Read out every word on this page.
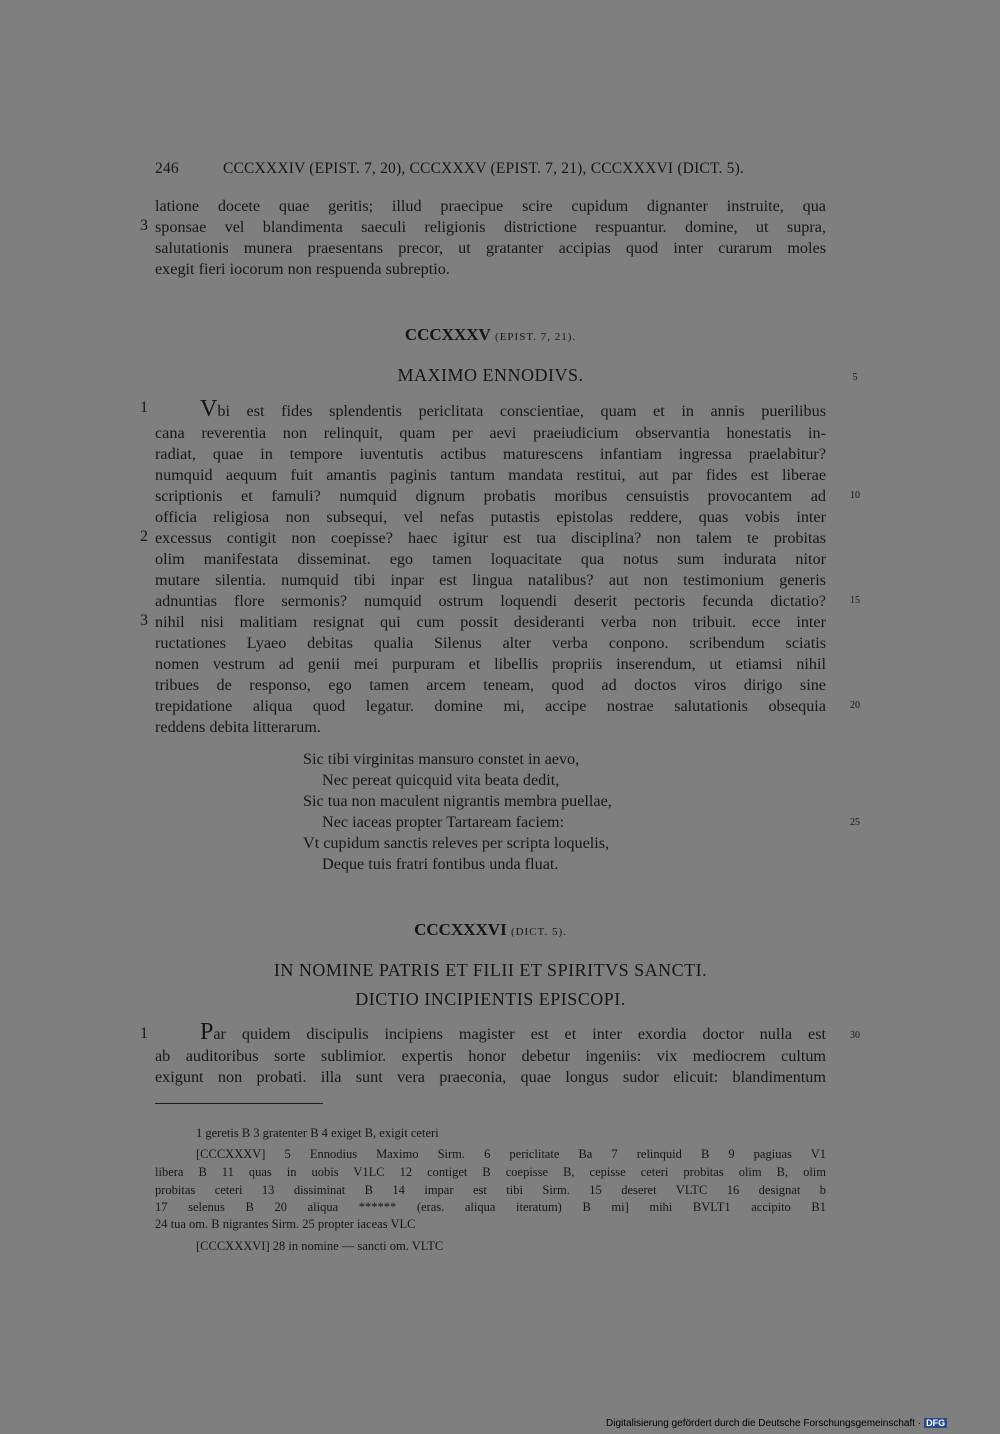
246	CCCXXXIV (EPIST. 7, 20), CCCXXXV (EPIST. 7, 21), CCCXXXVI (DICT. 5).
latione docete quae geritis; illud praecipue scire cupidum dignanter instruite, qua
3 sponsae vel blandimenta saeculi religionis districtione respuantur. domine, ut supra,
salutationis munera praesentans precor, ut gratanter accipias quod inter curarum moles
exegit fieri iocorum non respuenda subreptio.
CCCXXXV (EPIST. 7, 21).
MAXIMO ENNODIVS.	5
1 Vbi est fides splendentis periclitata conscientiae, quam et in annis puerilibus
cana reverentia non relinquit, quam per aevi praeiudicium observantia honestatis in-
radiat, quae in tempore iuventutis actibus maturescens infantiam ingressa praelabitur?
numquid aequum fuit amantis paginis tantum mandata restitui, aut par fides est liberae
scriptionis et famuli? numquid dignum probatis moribus censuistis provocantem ad	10
officia religiosa non subsequi, vel nefas putastis epistolas reddere, quas vobis inter
2 excessus contigit non coepisse? haec igitur est tua disciplina? non talem te probitas
olim manifestata disseminat. ego tamen loquacitate qua notus sum indurata nitor
mutare silentia. numquid tibi inpar est lingua natalibus? aut non testimonium generis
adnuntias flore sermonis? numquid ostrum loquendi deserit pectoris fecunda dictatio?	15
3 nihil nisi malitiam resignat qui cum possit desideranti verba non tribuit. ecce inter
ructationes Lyaeo debitas qualia Silenus alter verba conpono. scribendum sciatis
nomen vestrum ad genii mei purpuram et libellis propriis inserendum, ut etiamsi nihil
tribues de responso, ego tamen arcem teneam, quod ad doctos viros dirigo sine
trepidatione aliqua quod legatur. domine mi, accipe nostrae salutationis obsequia	20
reddens debita litterarum.
Sic tibi virginitas mansuro constet in aevo,
Nec pereat quicquid vita beata dedit,
Sic tua non maculent nigrantis membra puellae,
Nec iaceas propter Tartaream faciem:	25
Vt cupidum sanctis releves per scripta loquelis,
Deque tuis fratri fontibus unda fluat.
CCCXXXVI (DICT. 5).
IN NOMINE PATRIS ET FILII ET SPIRITVS SANCTI.
DICTIO INCIPIENTIS EPISCOPI.
1 Par quidem discipulis incipiens magister est et inter exordia doctor nulla est	30
ab auditoribus sorte sublimior. expertis honor debetur ingeniis: vix mediocrem cultum
exigunt non probati. illa sunt vera praeconia, quae longus sudor elicuit: blandimentum
1 geretis B 3 gratenter B 4 exiget B, exigit ceteri
[CCCXXXV] 5 Ennodius Maximo Sirm. 6 periclitate Ba 7 relinquid B 9 pagiuas V1
libera B 11 quas in uobis V1LC 12 contiget B coepisse B, cepisse ceteri probitas olim B, olim
probitas ceteri 13 dissiminat B 14 impar est tibi Sirm. 15 deseret VLTC 16 designat b
17 selenus B 20 aliqua ****** (eras. aliqua iteratum) B mi] mihi BVLT1 accipito B1
24 tua om. B nigrantes Sirm. 25 propter iaceas VLC
[CCCXXXVI] 28 in nomine — sancti om. VLTC
Digitalisierung gefördert durch die Deutsche Forschungsgemeinschaft · DFG
